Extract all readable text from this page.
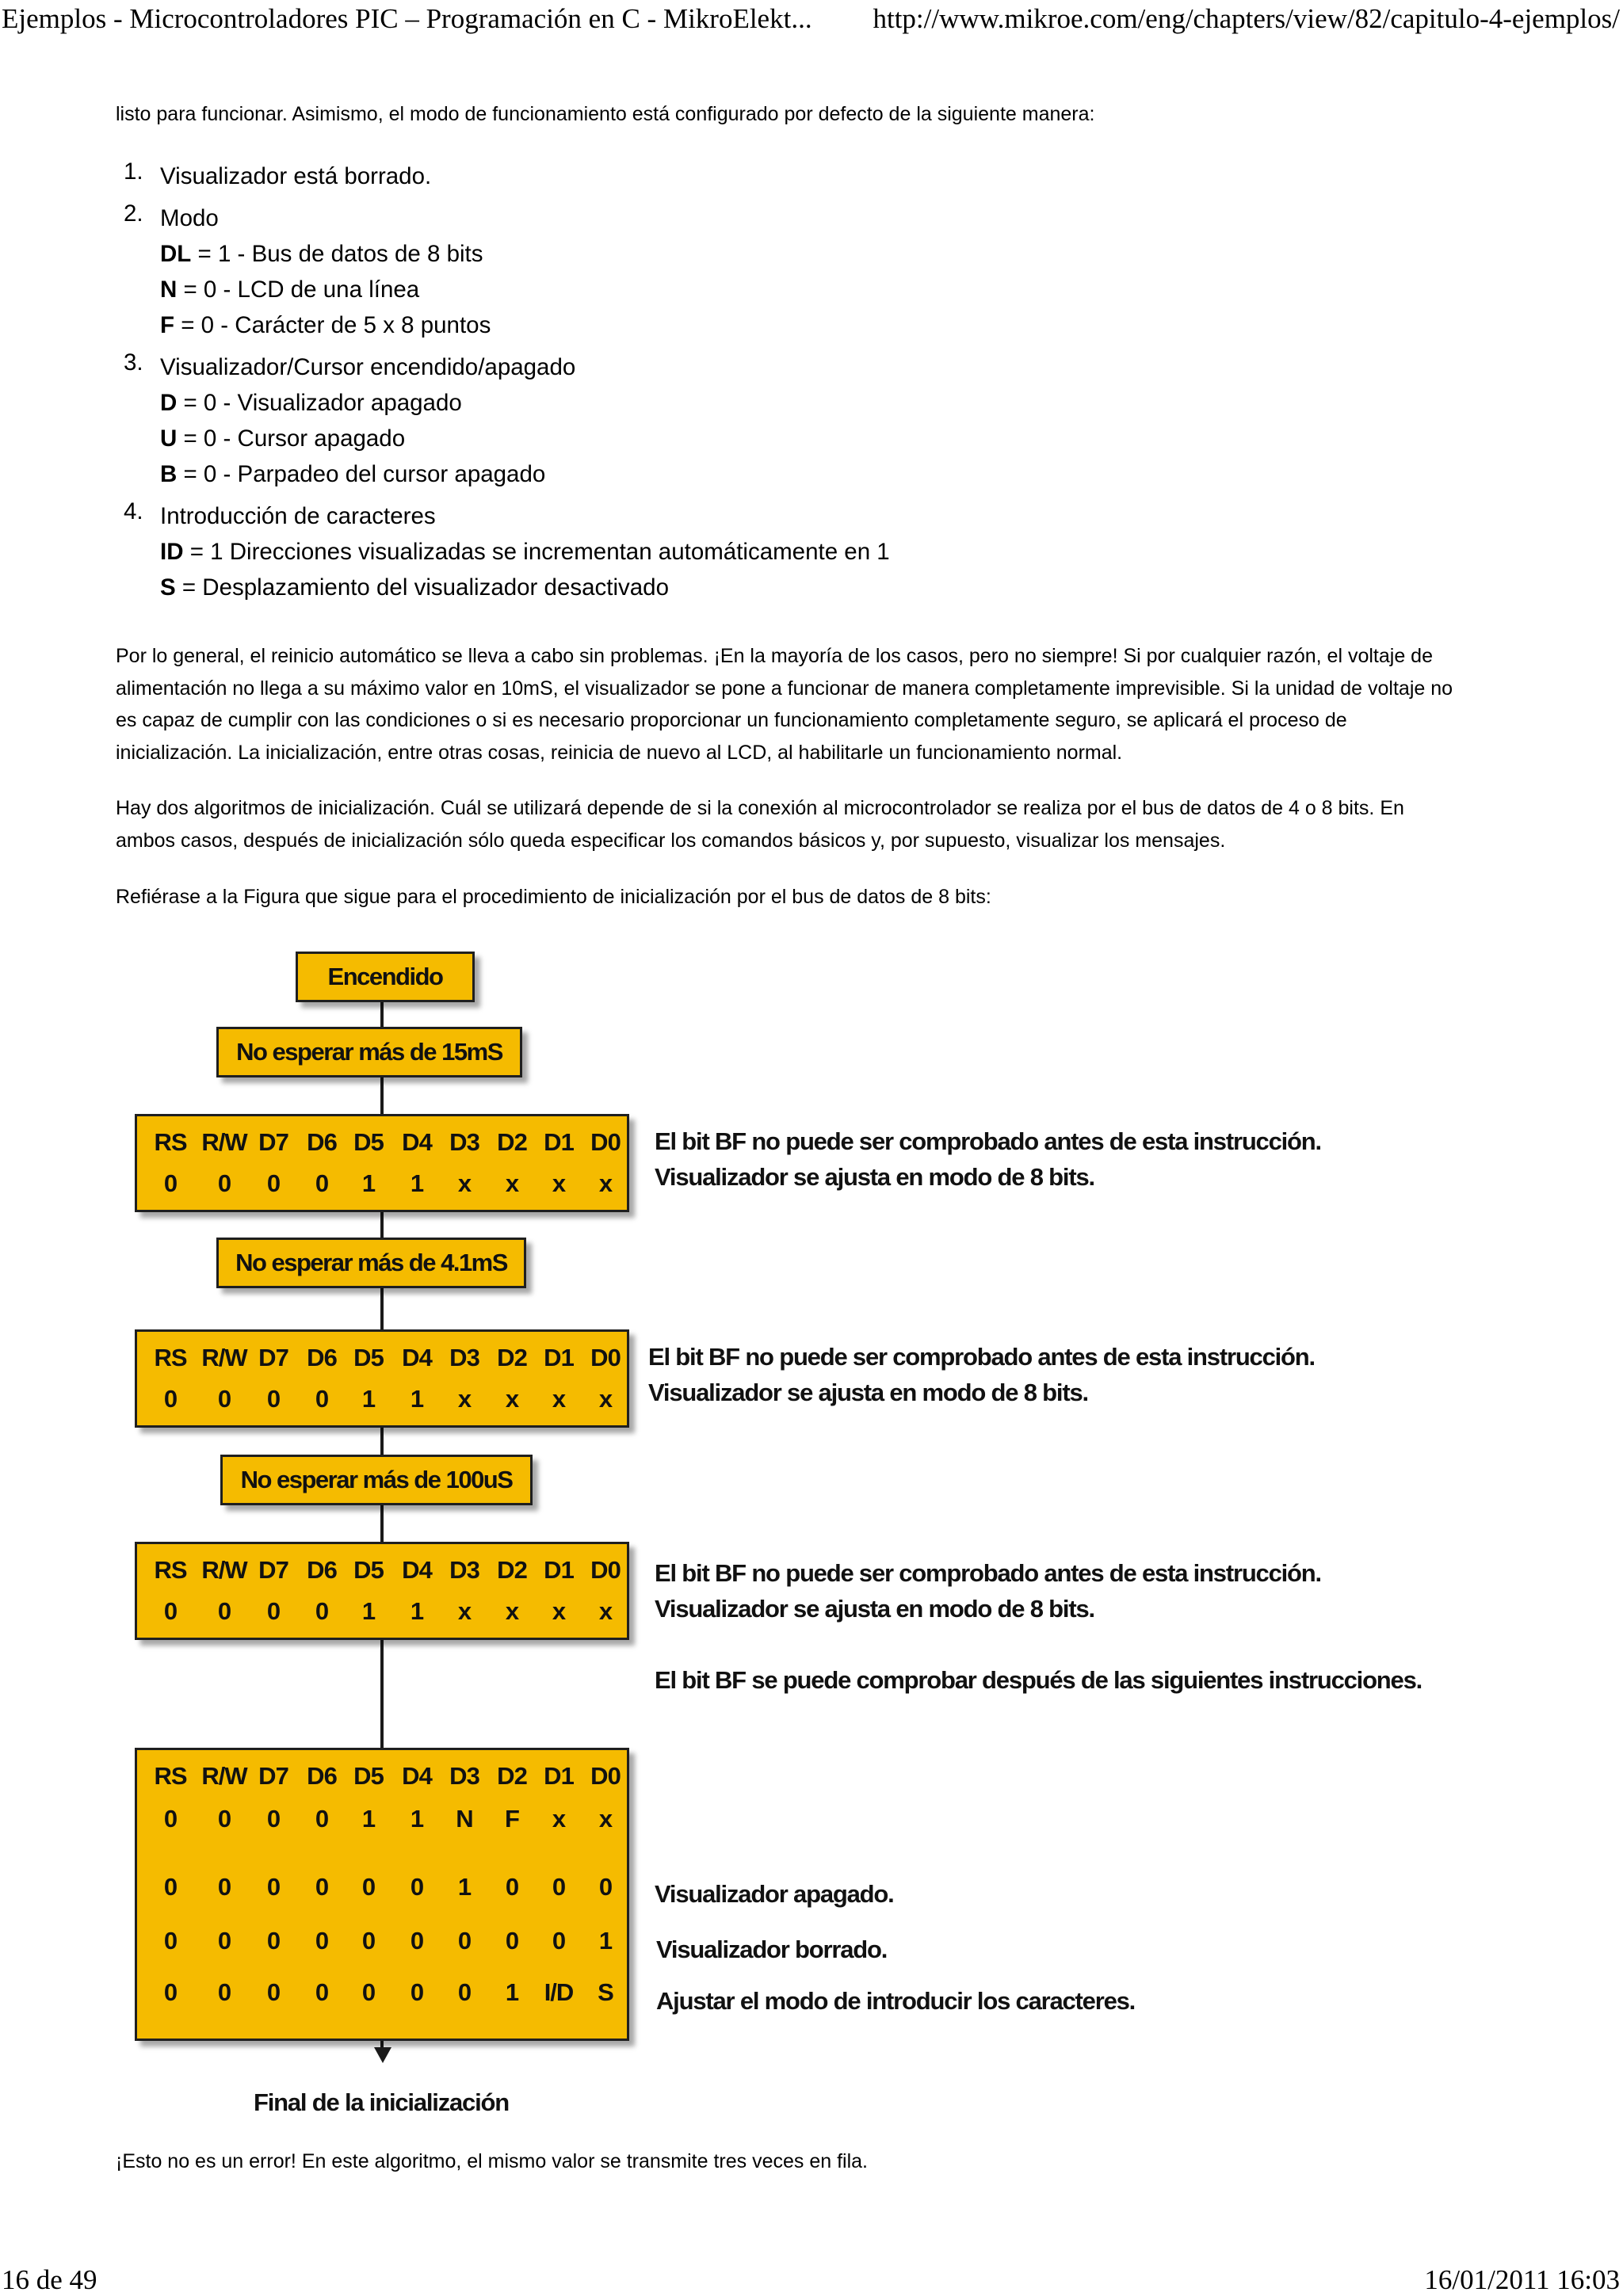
Ejemplos - Microcontroladores PIC – Programación en C - MikroElekt... http://www.mikroe.com/eng/chapters/view/82/capitulo-4-ejemplos/
listo para funcionar. Asimismo, el modo de funcionamiento está configurado por defecto de la siguiente manera:
1. Visualizador está borrado.
2. Modo
DL = 1 - Bus de datos de 8 bits
N = 0 - LCD de una línea
F = 0 - Carácter de 5 x 8 puntos
3. Visualizador/Cursor encendido/apagado
D = 0 - Visualizador apagado
U = 0 - Cursor apagado
B = 0 - Parpadeo del cursor apagado
4. Introducción de caracteres
ID = 1 Direcciones visualizadas se incrementan automáticamente en 1
S = Desplazamiento del visualizador desactivado
Por lo general, el reinicio automático se lleva a cabo sin problemas. ¡En la mayoría de los casos, pero no siempre! Si por cualquier razón, el voltaje de alimentación no llega a su máximo valor en 10mS, el visualizador se pone a funcionar de manera completamente imprevisible. Si la unidad de voltaje no es capaz de cumplir con las condiciones o si es necesario proporcionar un funcionamiento completamente seguro, se aplicará el proceso de inicialización. La inicialización, entre otras cosas, reinicia de nuevo al LCD, al habilitarle un funcionamiento normal.
Hay dos algoritmos de inicialización. Cuál se utilizará depende de si la conexión al microcontrolador se realiza por el bus de datos de 4 o 8 bits. En ambos casos, después de inicialización sólo queda especificar los comandos básicos y, por supuesto, visualizar los mensajes.
Refiérase a la Figura que sigue para el procedimiento de inicialización por el bus de datos de 8 bits:
Encendido
No esperar más de 15mS
RS R/W D7 D6 D5 D4 D3 D2 D1 D0
0 0 0 0 1 1 x x x x
El bit BF no puede ser comprobado antes de esta instrucción.
Visualizador se ajusta en modo de 8 bits.
No esperar más de 4.1mS
RS R/W D7 D6 D5 D4 D3 D2 D1 D0
0 0 0 0 1 1 x x x x
El bit BF no puede ser comprobado antes de esta instrucción.
Visualizador se ajusta en modo de 8 bits.
No esperar más de 100uS
RS R/W D7 D6 D5 D4 D3 D2 D1 D0
0 0 0 0 1 1 x x x x
El bit BF no puede ser comprobado antes de esta instrucción.
Visualizador se ajusta en modo de 8 bits.
El bit BF se puede comprobar después de las siguientes instrucciones.
RS R/W D7 D6 D5 D4 D3 D2 D1 D0
0 0 0 0 1 1 N F x x
0 0 0 0 0 0 1 0 0 0
0 0 0 0 0 0 0 0 0 1
0 0 0 0 0 0 0 1 I/D S
Visualizador apagado.
Visualizador borrado.
Ajustar el modo de introducir los caracteres.
Final de la inicialización
¡Esto no es un error! En este algoritmo, el mismo valor se transmite tres veces en fila.
16 de 49	16/01/2011 16:03
